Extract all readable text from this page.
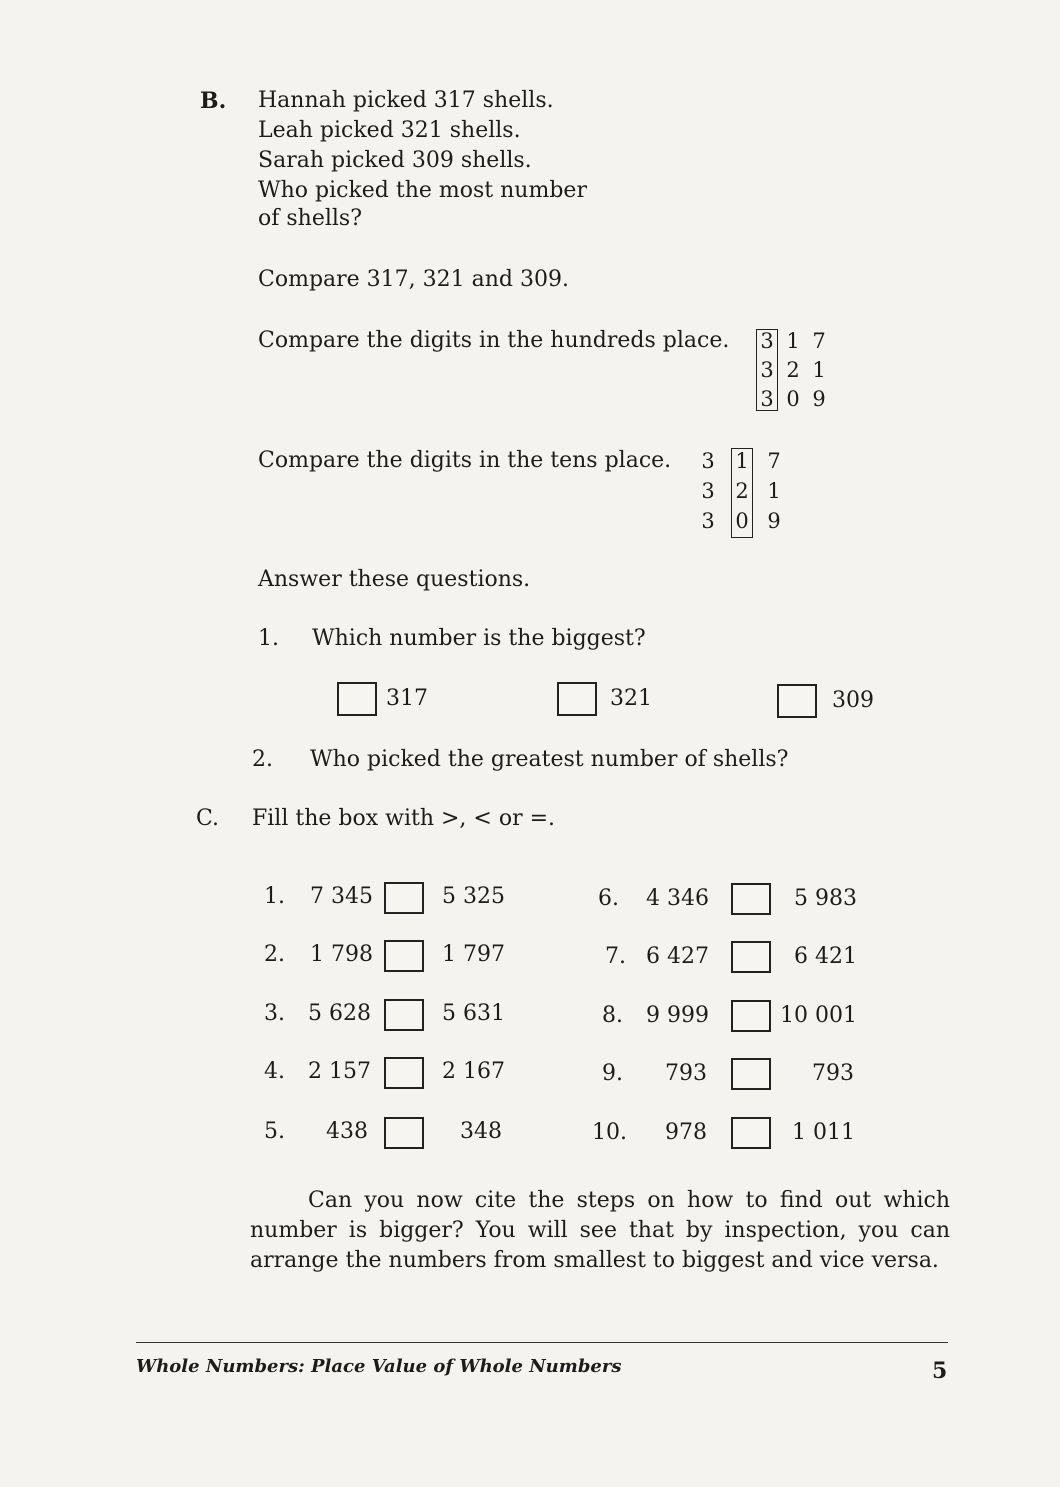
B. Hannah picked 317 shells.
Leah picked 321 shells.
Sarah picked 309 shells.
Who picked the most number
of shells?
Compare 317, 321 and 309.
Compare the digits in the hundreds place. 3 1 7
3 2 1
3 0 9
Compare the digits in the tens place. 3 1 7
3 2 1
3 0 9
Answer these questions.
1. Which number is the biggest?
317	321	309
2. Who picked the greatest number of shells?
C. Fill the box with >, < or =.
1. 7 345	5 325
2. 1 798	1 797
3. 5 628	5 631
4. 2 157	2 167
5. 438	348
6. 4 346	5 983
7. 6 427	6 421
8. 9 999	10 001
9. 793	793
10. 978	1 011
Can you now cite the steps on how to find out which number is bigger? You will see that by inspection, you can arrange the numbers from smallest to biggest and vice versa.
Whole Numbers: Place Value of Whole Numbers	5
